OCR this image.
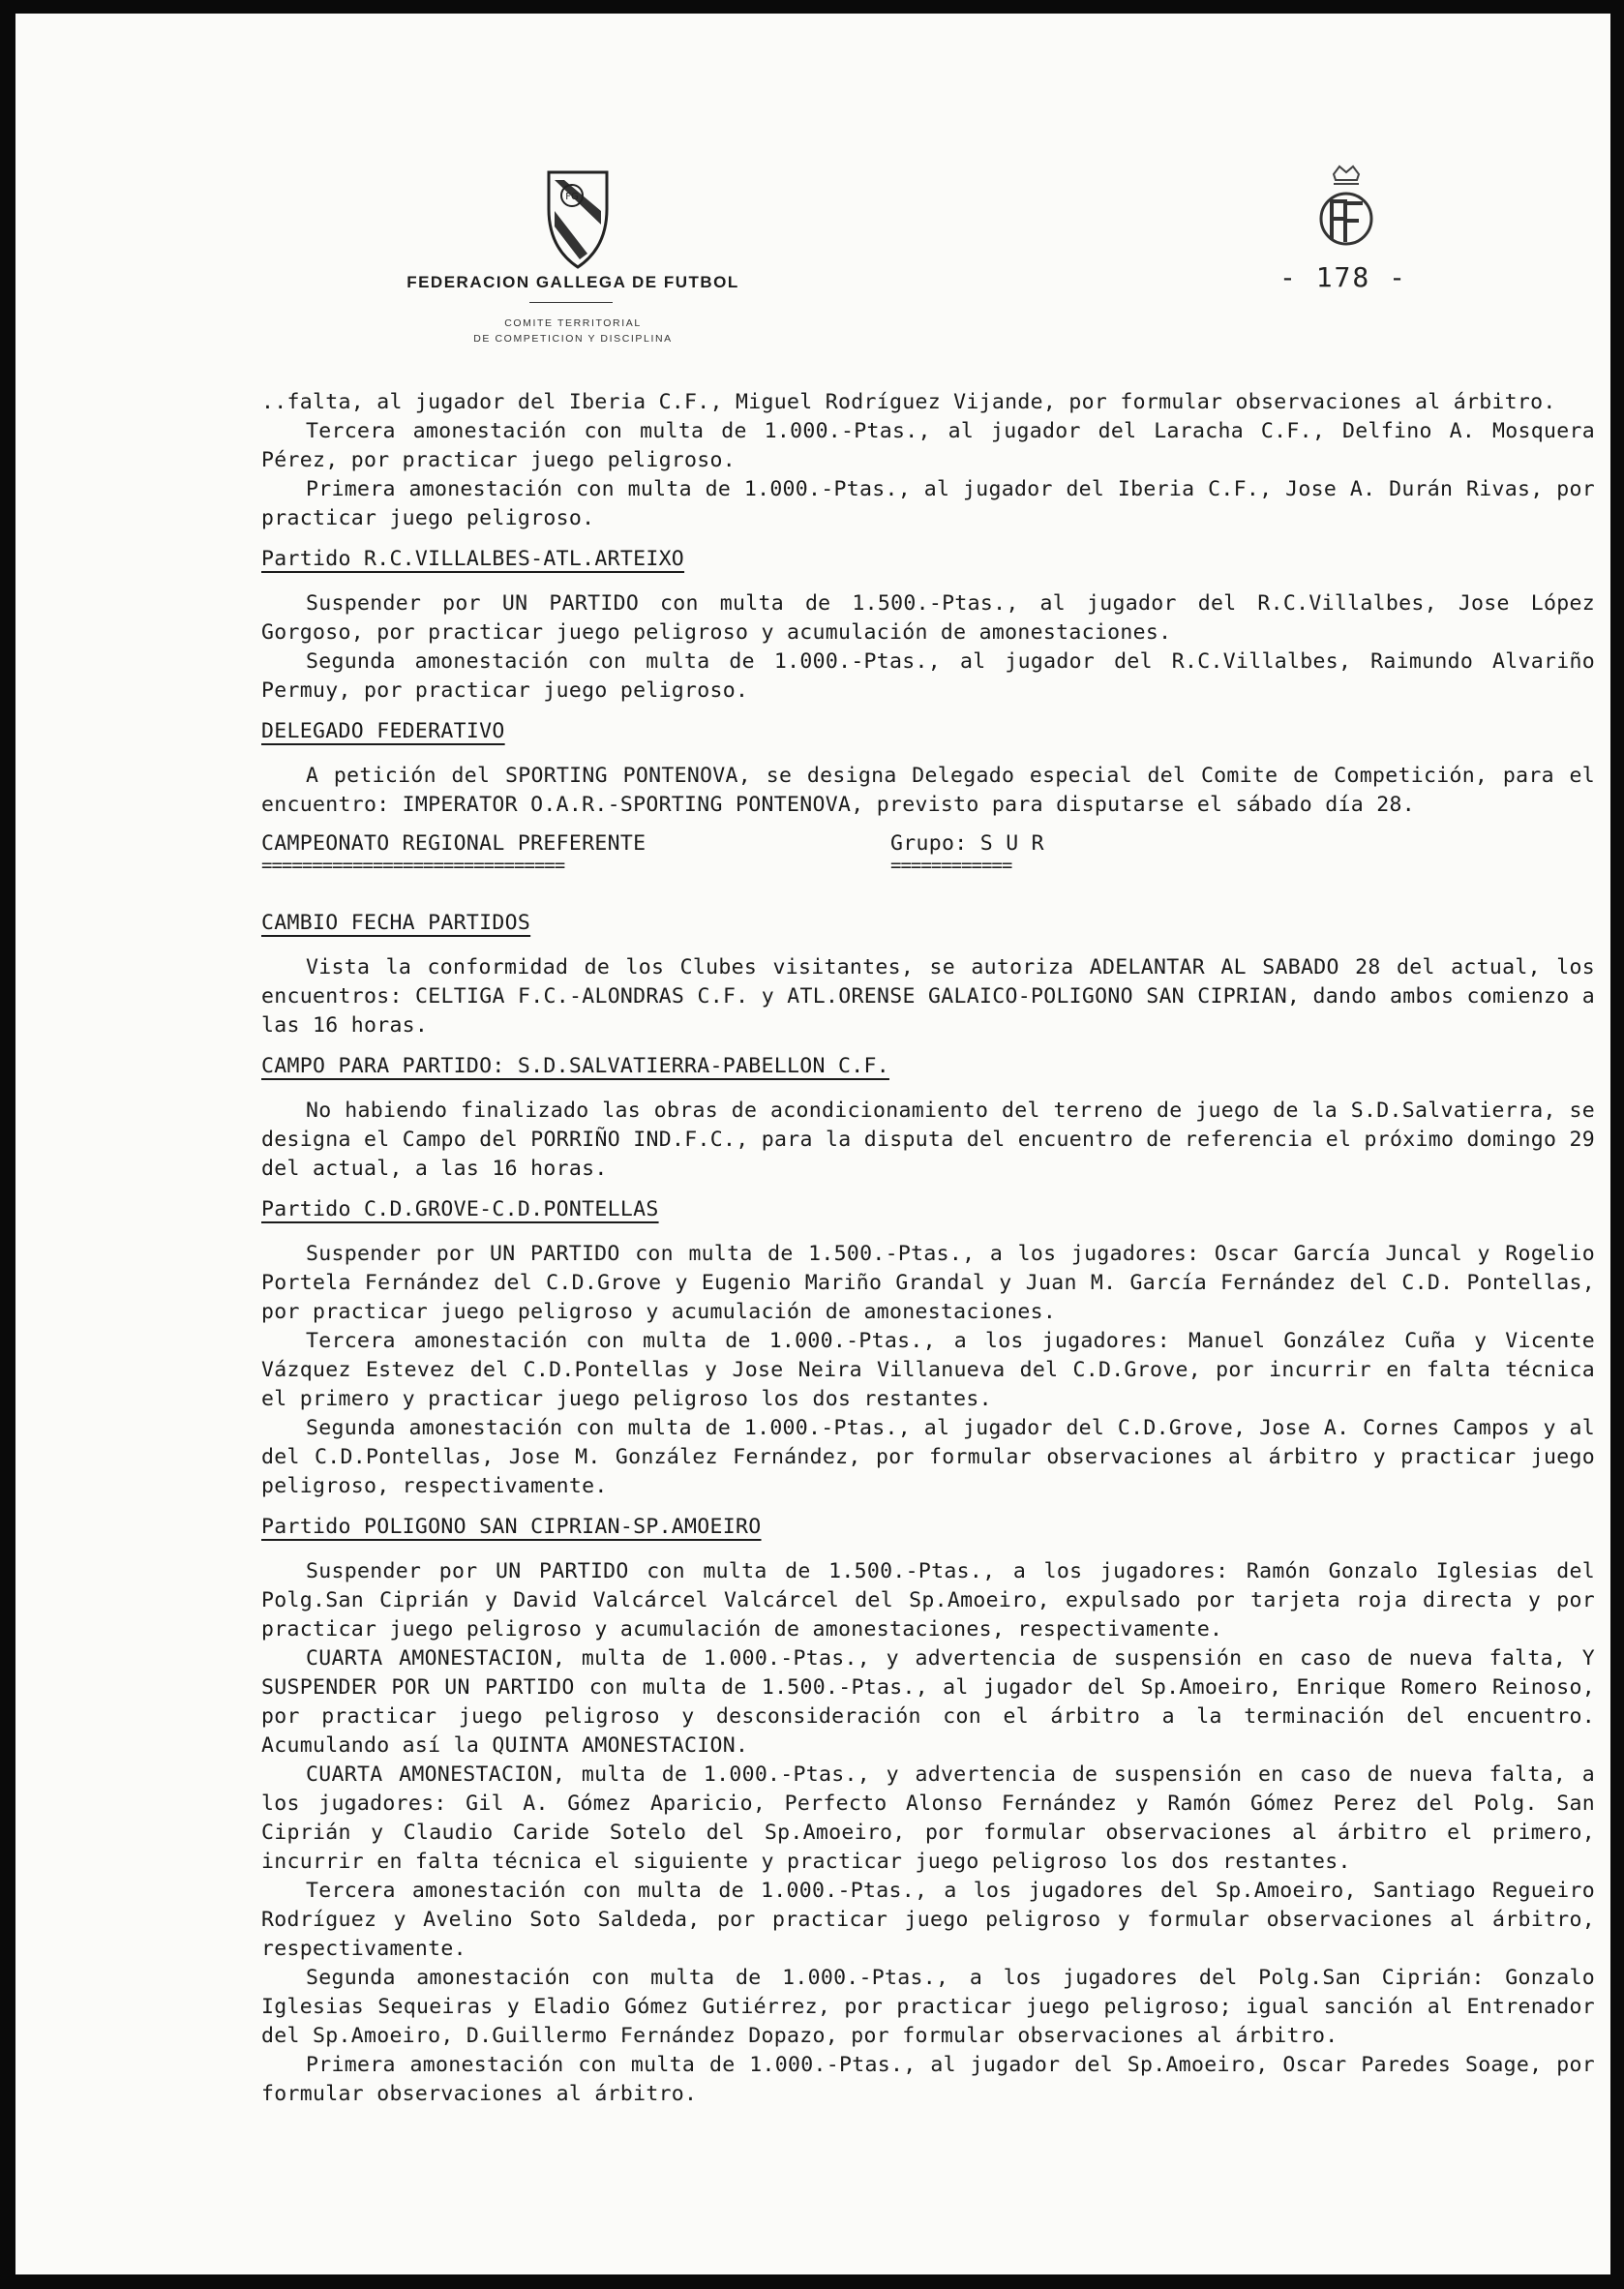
FG
FEDERACION GALLEGA DE FUTBOL
COMITE TERRITORIAL
DE COMPETICION Y DISCIPLINA
- 178 -

..falta, al jugador del Iberia C.F., Miguel Rodríguez Vijande, por formular observaciones al árbitro.

Tercera amonestación con multa de 1.000.-Ptas., al jugador del Laracha C.F., Delfino A. Mosquera Pérez, por practicar juego peligroso.

Primera amonestación con multa de 1.000.-Ptas., al jugador del Iberia C.F., Jose A. Durán Rivas, por practicar juego peligroso.

Partido R.C.VILLALBES-ATL.ARTEIXO

Suspender por UN PARTIDO con multa de 1.500.-Ptas., al jugador del R.C.Villalbes, Jose López Gorgoso, por practicar juego peligroso y acumulación de amonestaciones.

Segunda amonestación con multa de 1.000.-Ptas., al jugador del R.C.Villalbes, Raimundo Alvariño Permuy, por practicar juego peligroso.

DELEGADO FEDERATIVO

A petición del SPORTING PONTENOVA, se designa Delegado especial del Comite de Competición, para el encuentro: IMPERATOR O.A.R.-SPORTING PONTENOVA, previsto para disputarse el sábado día 28.

CAMPEONATO REGIONAL PREFERENTE
==============================
Grupo: S U R
============
CAMBIO FECHA PARTIDOS

Vista la conformidad de los Clubes visitantes, se autoriza ADELANTAR AL SABADO 28 del actual, los encuentros: CELTIGA F.C.-ALONDRAS C.F. y ATL.ORENSE GALAICO-POLIGONO SAN CIPRIAN, dando ambos comienzo a las 16 horas.

CAMPO PARA PARTIDO: S.D.SALVATIERRA-PABELLON C.F.

No habiendo finalizado las obras de acondicionamiento del terreno de juego de la S.D.Salvatierra, se designa el Campo del PORRIÑO IND.F.C., para la disputa del encuentro de referencia el próximo domingo 29 del actual, a las 16 horas.

Partido C.D.GROVE-C.D.PONTELLAS

Suspender por UN PARTIDO con multa de 1.500.-Ptas., a los jugadores: Oscar García Juncal y Rogelio Portela Fernández del C.D.Grove y Eugenio Mariño Grandal y Juan M. García Fernández del C.D. Pontellas, por practicar juego peligroso y acumulación de amonestaciones.

Tercera amonestación con multa de 1.000.-Ptas., a los jugadores: Manuel González Cuña y Vicente Vázquez Estevez del C.D.Pontellas y Jose Neira Villanueva del C.D.Grove, por incurrir en falta técnica el primero y practicar juego peligroso los dos restantes.

Segunda amonestación con multa de 1.000.-Ptas., al jugador del C.D.Grove, Jose A. Cornes Campos y al del C.D.Pontellas, Jose M. González Fernández, por formular observaciones al árbitro y practicar juego peligroso, respectivamente.

Partido POLIGONO SAN CIPRIAN-SP.AMOEIRO

Suspender por UN PARTIDO con multa de 1.500.-Ptas., a los jugadores: Ramón Gonzalo Iglesias del Polg.San Ciprián y David Valcárcel Valcárcel del Sp.Amoeiro, expulsado por tarjeta roja directa y por practicar juego peligroso y acumulación de amonestaciones, respectivamente.

CUARTA AMONESTACION, multa de 1.000.-Ptas., y advertencia de suspensión en caso de nueva falta, Y SUSPENDER POR UN PARTIDO con multa de 1.500.-Ptas., al jugador del Sp.Amoeiro, Enrique Romero Reinoso, por practicar juego peligroso y desconsideración con el árbitro a la terminación del encuentro. Acumulando así la QUINTA AMONESTACION.

CUARTA AMONESTACION, multa de 1.000.-Ptas., y advertencia de suspensión en caso de nueva falta, a los jugadores: Gil A. Gómez Aparicio, Perfecto Alonso Fernández y Ramón Gómez Perez del Polg. San Ciprián y Claudio Caride Sotelo del Sp.Amoeiro, por formular observaciones al árbitro el primero, incurrir en falta técnica el siguiente y practicar juego peligroso los dos restantes.

Tercera amonestación con multa de 1.000.-Ptas., a los jugadores del Sp.Amoeiro, Santiago Regueiro Rodríguez y Avelino Soto Saldeda, por practicar juego peligroso y formular observaciones al árbitro, respectivamente.

Segunda amonestación con multa de 1.000.-Ptas., a los jugadores del Polg.San Ciprián: Gonzalo Iglesias Sequeiras y Eladio Gómez Gutiérrez, por practicar juego peligroso; igual sanción al Entrenador del Sp.Amoeiro, D.Guillermo Fernández Dopazo, por formular observaciones al árbitro.

Primera amonestación con multa de 1.000.-Ptas., al jugador del Sp.Amoeiro, Oscar Paredes Soage, por formular observaciones al árbitro.
